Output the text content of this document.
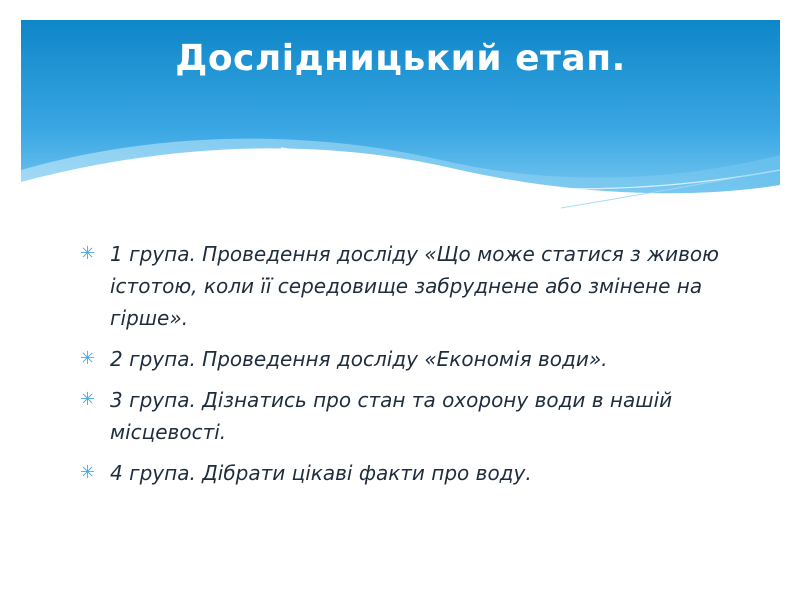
Дослідницький етап.
✳ 1 група. Проведення досліду «Що може статися з живою істотою, коли її середовище забруднене або змінене на гірше».
✳ 2 група. Проведення досліду «Економія води».
✳ 3 група. Дізнатись про стан та охорону води в нашій місцевості.
✳ 4 група. Дібрати цікаві факти про воду.
